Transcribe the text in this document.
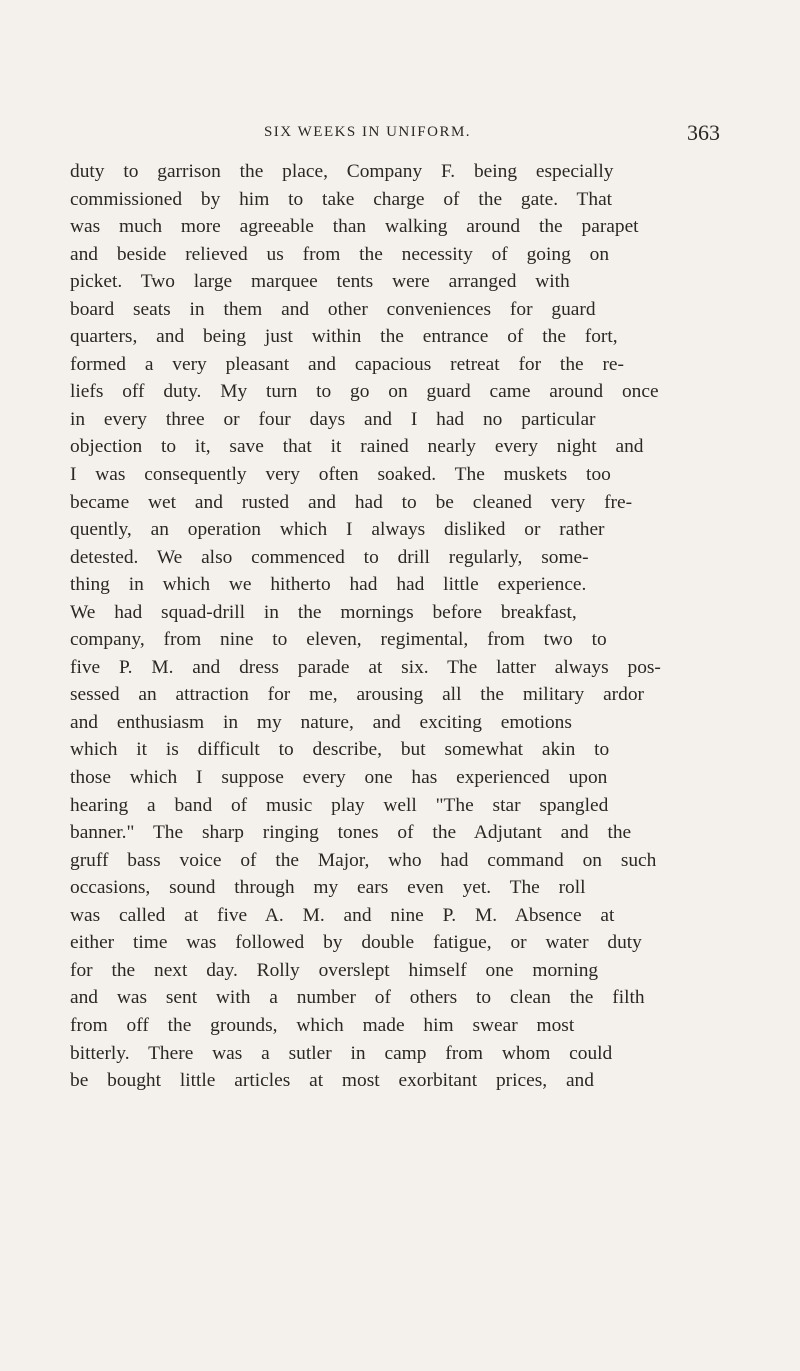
SIX WEEKS IN UNIFORM.	363
duty to garrison the place, Company F. being especially
commissioned by him to take charge of the gate. That
was much more agreeable than walking around the parapet
and beside relieved us from the necessity of going on
picket. Two large marquee tents were arranged with
board seats in them and other conveniences for guard
quarters, and being just within the entrance of the fort,
formed a very pleasant and capacious retreat for the re-
liefs off duty. My turn to go on guard came around once
in every three or four days and I had no particular
objection to it, save that it rained nearly every night and
I was consequently very often soaked. The muskets too
became wet and rusted and had to be cleaned very fre-
quently, an operation which I always disliked or rather
detested. We also commenced to drill regularly, some-
thing in which we hitherto had had little experience.
We had squad-drill in the mornings before breakfast,
company, from nine to eleven, regimental, from two to
five P. M. and dress parade at six. The latter always pos-
sessed an attraction for me, arousing all the military ardor
and enthusiasm in my nature, and exciting emotions
which it is difficult to describe, but somewhat akin to
those which I suppose every one has experienced upon
hearing a band of music play well "The star spangled
banner." The sharp ringing tones of the Adjutant and the
gruff bass voice of the Major, who had command on such
occasions, sound through my ears even yet. The roll
was called at five A. M. and nine P. M. Absence at
either time was followed by double fatigue, or water duty
for the next day. Rolly overslept himself one morning
and was sent with a number of others to clean the filth
from off the grounds, which made him swear most
bitterly. There was a sutler in camp from whom could
be bought little articles at most exorbitant prices, and
